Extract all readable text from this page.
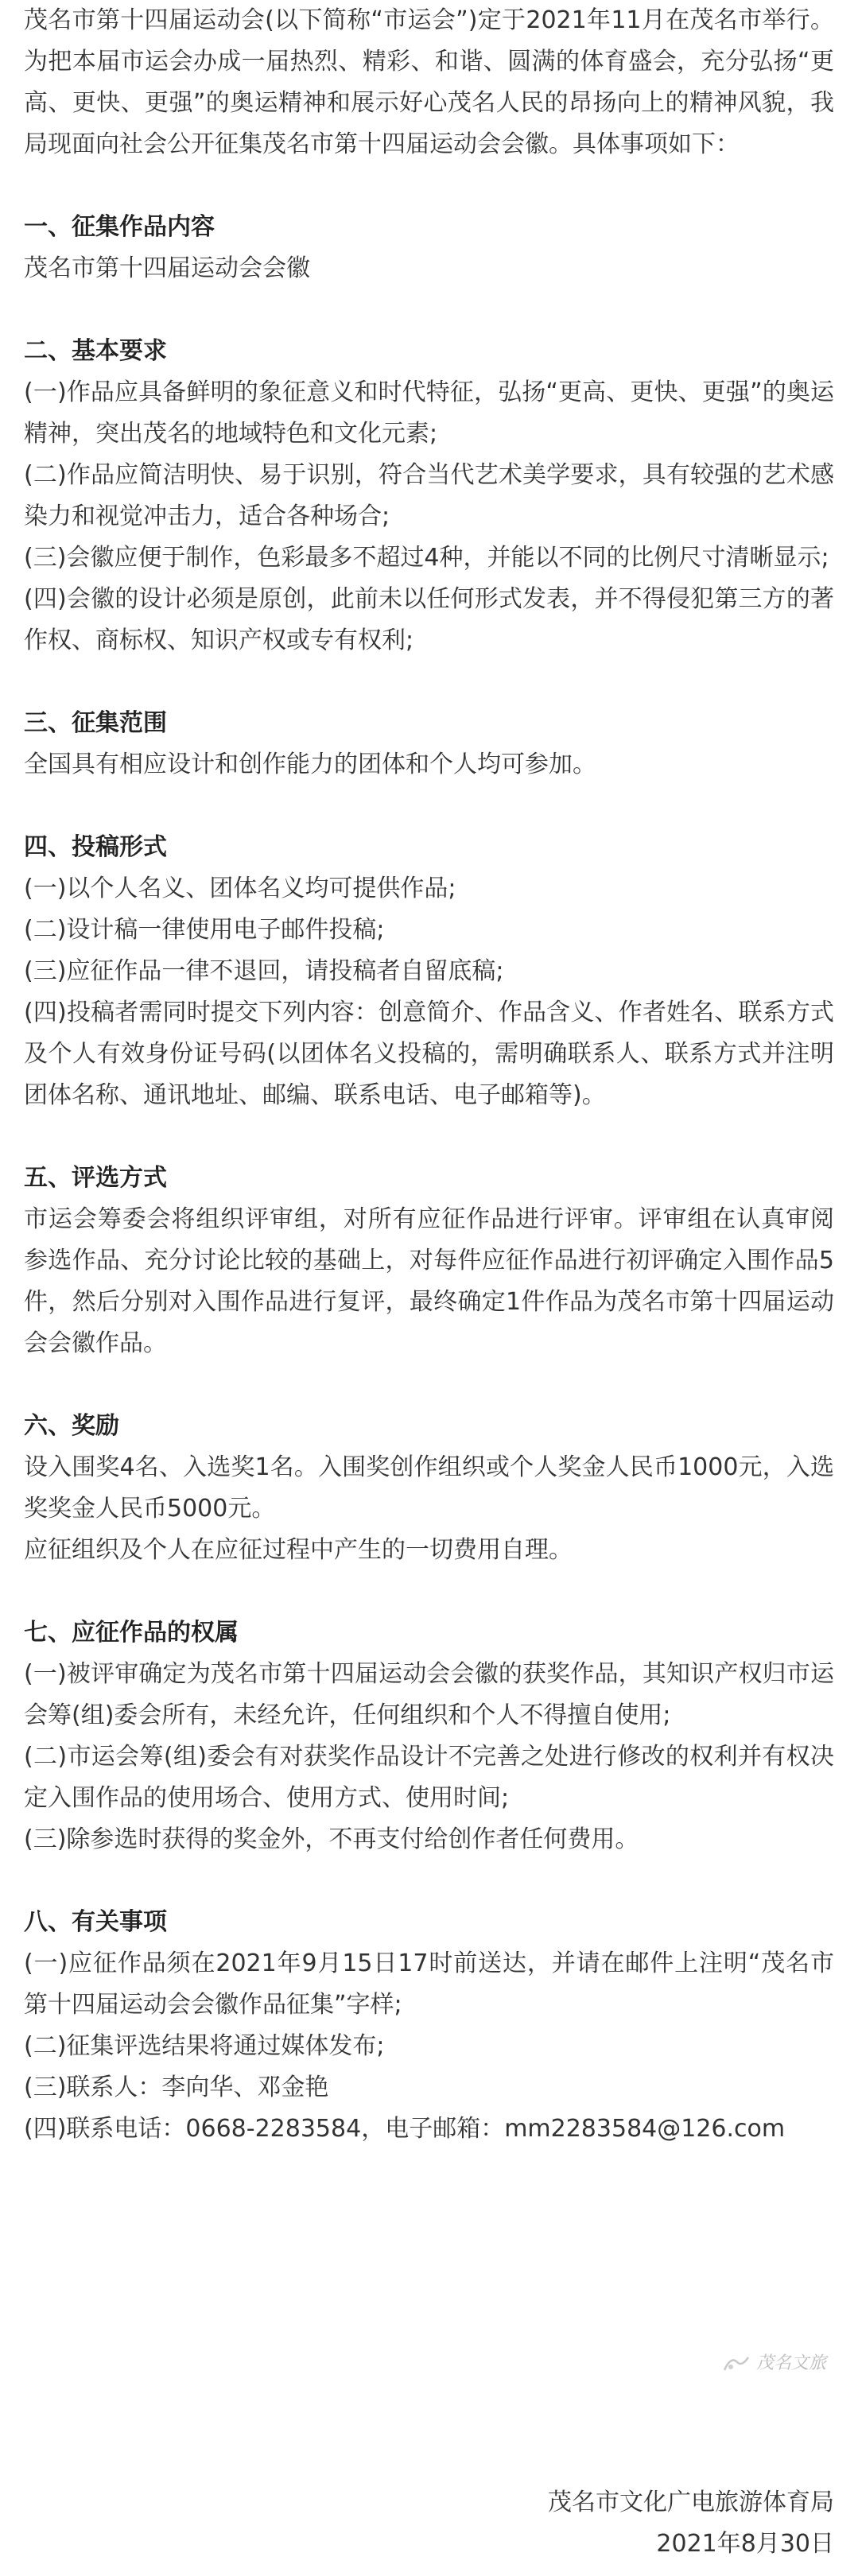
茂名市第十四届运动会(以下简称“市运会”)定于2021年11月在茂名市举行。为把本届市运会办成一届热烈、精彩、和谐、圆满的体育盛会，充分弘扬“更高、更快、更强”的奥运精神和展示好心茂名人民的昂扬向上的精神风貌，我局现面向社会公开征集茂名市第十四届运动会会徽。具体事项如下：

一、征集作品内容

茂名市第十四届运动会会徽

二、基本要求

(一)作品应具备鲜明的象征意义和时代特征，弘扬“更高、更快、更强”的奥运精神，突出茂名的地域特色和文化元素;

(二)作品应简洁明快、易于识别，符合当代艺术美学要求，具有较强的艺术感染力和视觉冲击力，适合各种场合;

(三)会徽应便于制作，色彩最多不超过4种，并能以不同的比例尺寸清晰显示;

(四)会徽的设计必须是原创，此前未以任何形式发表，并不得侵犯第三方的著作权、商标权、知识产权或专有权利;

三、征集范围

全国具有相应设计和创作能力的团体和个人均可参加。

四、投稿形式

(一)以个人名义、团体名义均可提供作品;

(二)设计稿一律使用电子邮件投稿;

(三)应征作品一律不退回，请投稿者自留底稿;

(四)投稿者需同时提交下列内容：创意简介、作品含义、作者姓名、联系方式及个人有效身份证号码(以团体名义投稿的，需明确联系人、联系方式并注明团体名称、通讯地址、邮编、联系电话、电子邮箱等)。

五、评选方式

市运会筹委会将组织评审组，对所有应征作品进行评审。评审组在认真审阅参选作品、充分讨论比较的基础上，对每件应征作品进行初评确定入围作品5件，然后分别对入围作品进行复评，最终确定1件作品为茂名市第十四届运动会会徽作品。

六、奖励

设入围奖4名、入选奖1名。入围奖创作组织或个人奖金人民币1000元，入选奖奖金人民币5000元。

应征组织及个人在应征过程中产生的一切费用自理。

七、应征作品的权属

(一)被评审确定为茂名市第十四届运动会会徽的获奖作品，其知识产权归市运会筹(组)委会所有，未经允许，任何组织和个人不得擅自使用;

(二)市运会筹(组)委会有对获奖作品设计不完善之处进行修改的权利并有权决定入围作品的使用场合、使用方式、使用时间;

(三)除参选时获得的奖金外，不再支付给创作者任何费用。

八、有关事项

(一)应征作品须在2021年9月15日17时前送达，并请在邮件上注明“茂名市第十四届运动会会徽作品征集”字样;

(二)征集评选结果将通过媒体发布;

(三)联系人：李向华、邓金艳

(四)联系电话：0668-2283584，电子邮箱：mm2283584@126.com

茂名文旅

茂名市文化广电旅游体育局

2021年8月30日
